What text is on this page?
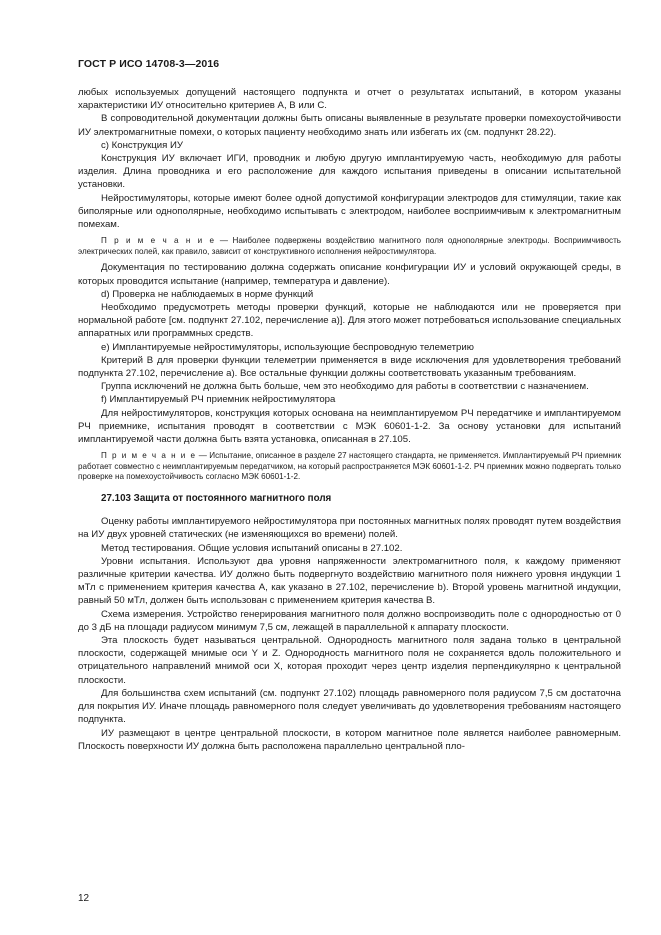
ГОСТ Р ИСО 14708-3—2016

любых используемых допущений настоящего подпункта и отчет о результатах испытаний, в котором указаны характеристики ИУ относительно критериев A, B или C.

В сопроводительной документации должны быть описаны выявленные в результате проверки помехоустойчивости ИУ электромагнитные помехи, о которых пациенту необходимо знать или избегать их (см. подпункт 28.22).

c) Конструкция ИУ

Конструкция ИУ включает ИГИ, проводник и любую другую имплантируемую часть, необходимую для работы изделия. Длина проводника и его расположение для каждого испытания приведены в описании испытательной установки.

Нейростимуляторы, которые имеют более одной допустимой конфигурации электродов для стимуляции, такие как биполярные или однополярные, необходимо испытывать с электродом, наиболее восприимчивым к электромагнитным помехам.

П р и м е ч а н и е — Наиболее подвержены воздействию магнитного поля однополярные электроды. Восприимчивость электрических полей, как правило, зависит от конструктивного исполнения нейростимулятора.

Документация по тестированию должна содержать описание конфигурации ИУ и условий окружающей среды, в которых проводится испытание (например, температура и давление).

d) Проверка не наблюдаемых в норме функций

Необходимо предусмотреть методы проверки функций, которые не наблюдаются или не проверяется при нормальной работе [см. подпункт 27.102, перечисление a)]. Для этого может потребоваться использование специальных аппаратных или программных средств.

e) Имплантируемые нейростимуляторы, использующие беспроводную телеметрию

Критерий B для проверки функции телеметрии применяется в виде исключения для удовлетворения требований подпункта 27.102, перечисление a). Все остальные функции должны соответствовать указанным требованиям.

Группа исключений не должна быть больше, чем это необходимо для работы в соответствии с назначением.

f) Имплантируемый РЧ приемник нейростимулятора

Для нейростимуляторов, конструкция которых основана на неимплантируемом РЧ передатчике и имплантируемом РЧ приемнике, испытания проводят в соответствии с МЭК 60601-1-2. За основу установки для испытаний имплантируемой части должна быть взята установка, описанная в 27.105.

П р и м е ч а н и е — Испытание, описанное в разделе 27 настоящего стандарта, не применяется. Имплантируемый РЧ приемник работает совместно с неимплантируемым передатчиком, на который распространяется МЭК 60601-1-2. РЧ приемник можно подвергать только проверке на помехоустойчивость согласно МЭК 60601-1-2.
27.103 Защита от постоянного магнитного поля

Оценку работы имплантируемого нейростимулятора при постоянных магнитных полях проводят путем воздействия на ИУ двух уровней статических (не изменяющихся во времени) полей.

Метод тестирования. Общие условия испытаний описаны в 27.102.

Уровни испытания. Используют два уровня напряженности электромагнитного поля, к каждому применяют различные критерии качества. ИУ должно быть подвергнуто воздействию магнитного поля нижнего уровня индукции 1 мТл с применением критерия качества A, как указано в 27.102, перечисление b). Второй уровень магнитной индукции, равный 50 мТл, должен быть использован с применением критерия качества B.

Схема измерения. Устройство генерирования магнитного поля должно воспроизводить поле с однородностью от 0 до 3 дБ на площади радиусом минимум 7,5 см, лежащей в параллельной к аппарату плоскости.

Эта плоскость будет называться центральной. Однородность магнитного поля задана только в центральной плоскости, содержащей мнимые оси Y и Z. Однородность магнитного поля не сохраняется вдоль положительного и отрицательного направлений мнимой оси X, которая проходит через центр изделия перпендикулярно к центральной плоскости.

Для большинства схем испытаний (см. подпункт 27.102) площадь равномерного поля радиусом 7,5 см достаточна для покрытия ИУ. Иначе площадь равномерного поля следует увеличивать до удовлетворения требованиям настоящего подпункта.

ИУ размещают в центре центральной плоскости, в котором магнитное поле является наиболее равномерным. Плоскость поверхности ИУ должна быть расположена параллельно центральной пло-

12
